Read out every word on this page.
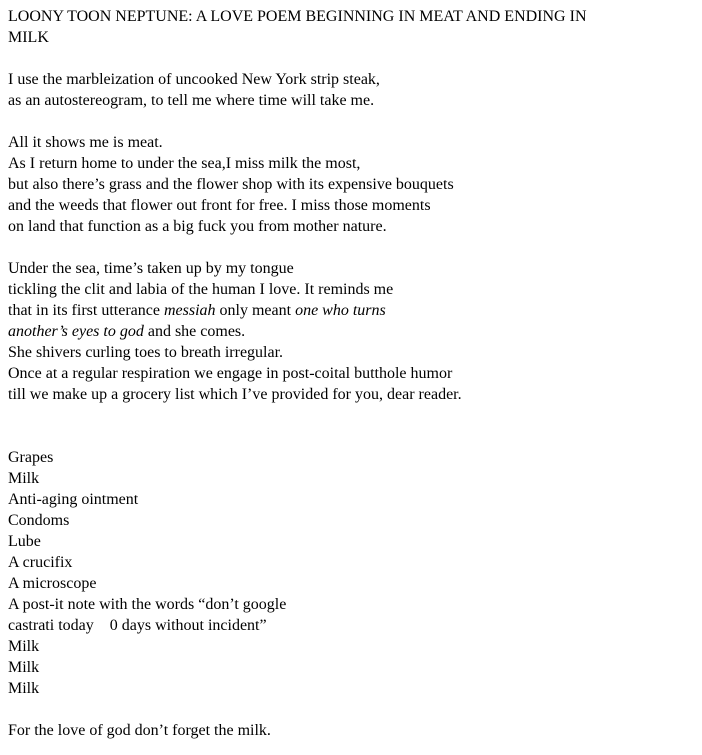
LOONY TOON NEPTUNE: A LOVE POEM BEGINNING IN MEAT AND ENDING IN
MILK

I use the marbleization of uncooked New York strip steak,
as an autostereogram, to tell me where time will take me.

All it shows me is meat.
As I return home to under the sea,I miss milk the most,
but also there’s grass and the flower shop with its expensive bouquets
and the weeds that flower out front for free. I miss those moments
on land that function as a big fuck you from mother nature.

Under the sea, time’s taken up by my tongue
tickling the clit and labia of the human I love. It reminds me
that in its first utterance messiah only meant one who turns
another’s eyes to god and she comes.
She shivers curling toes to breath irregular.
Once at a regular respiration we engage in post-coital butthole humor
till we make up a grocery list which I’ve provided for you, dear reader.

Grapes
Milk
Anti-aging ointment
Condoms
Lube
A crucifix
A microscope
A post-it note with the words “don’t google
castrati today    0 days without incident”
Milk
Milk
Milk

For the love of god don’t forget the milk.
